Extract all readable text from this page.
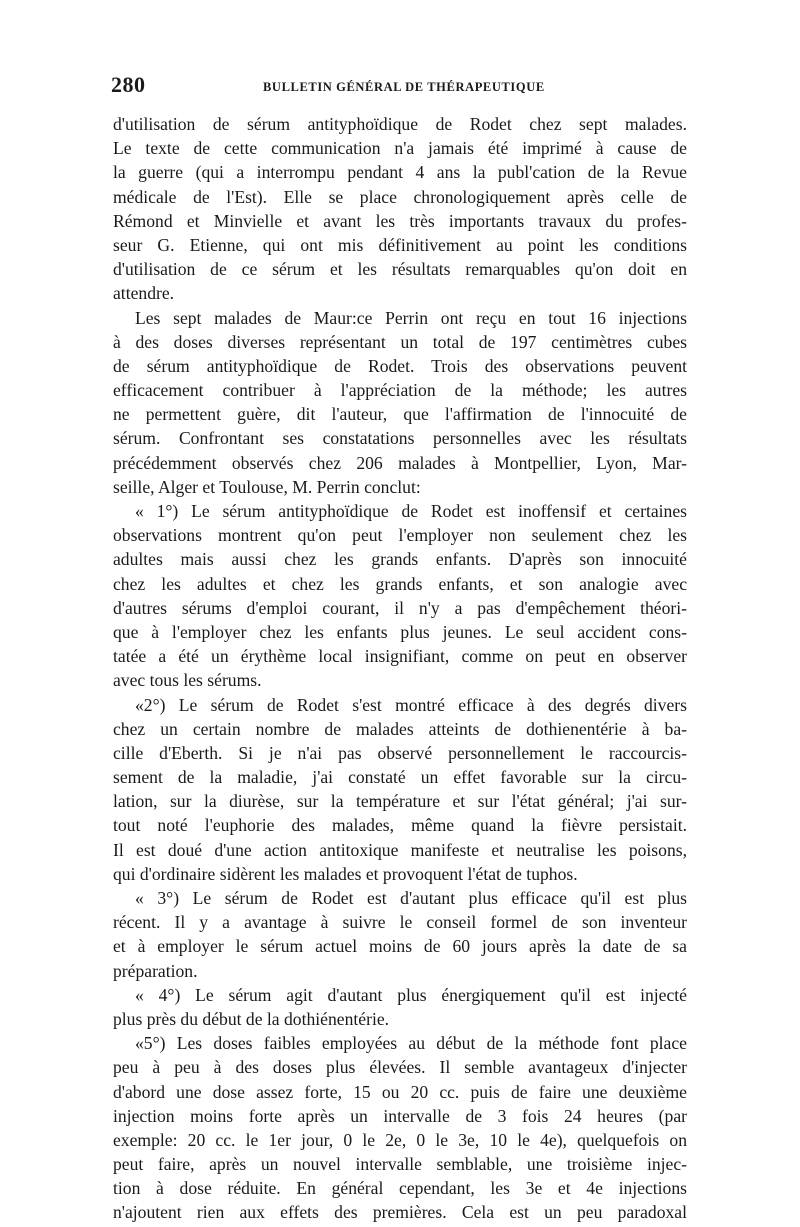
280	BULLETIN GÉNÉRAL DE THÉRAPEUTIQUE
d'utilisation de sérum antityphoïdique de Rodet chez sept malades.
Le texte de cette communication n'a jamais été imprimé à cause de
la guerre (qui a interrompu pendant 4 ans la publ'cation de la Revue
médicale de l'Est). Elle se place chronologiquement après celle de
Rémond et Minvielle et avant les très importants travaux du profes-
seur G. Etienne, qui ont mis définitivement au point les conditions
d'utilisation de ce sérum et les résultats remarquables qu'on doit en
attendre.
Les sept malades de Maur:ce Perrin ont reçu en tout 16 injections
à des doses diverses représentant un total de 197 centimètres cubes
de sérum antityphoïdique de Rodet. Trois des observations peuvent
efficacement contribuer à l'appréciation de la méthode; les autres
ne permettent guère, dit l'auteur, que l'affirmation de l'innocuité de
sérum. Confrontant ses constatations personnelles avec les résultats
précédemment observés chez 206 malades à Montpellier, Lyon, Mar-
seille, Alger et Toulouse, M. Perrin conclut:
« 1°) Le sérum antityphoïdique de Rodet est inoffensif et certaines
observations montrent qu'on peut l'employer non seulement chez les
adultes mais aussi chez les grands enfants. D'après son innocuité
chez les adultes et chez les grands enfants, et son analogie avec
d'autres sérums d'emploi courant, il n'y a pas d'empêchement théori-
que à l'employer chez les enfants plus jeunes. Le seul accident cons-
tatée a été un érythème local insignifiant, comme on peut en observer
avec tous les sérums.
«2°) Le sérum de Rodet s'est montré efficace à des degrés divers
chez un certain nombre de malades atteints de dothienentérie à ba-
cille d'Eberth. Si je n'ai pas observé personnellement le raccourcis-
sement de la maladie, j'ai constaté un effet favorable sur la circu-
lation, sur la diurèse, sur la température et sur l'état général; j'ai sur-
tout noté l'euphorie des malades, même quand la fièvre persistait.
Il est doué d'une action antitoxique manifeste et neutralise les poisons,
qui d'ordinaire sidèrent les malades et provoquent l'état de tuphos.
« 3°) Le sérum de Rodet est d'autant plus efficace qu'il est plus
récent. Il y a avantage à suivre le conseil formel de son inventeur
et à employer le sérum actuel moins de 60 jours après la date de sa
préparation.
« 4°) Le sérum agit d'autant plus énergiquement qu'il est injecté
plus près du début de la dothiénentérie.
«5°) Les doses faibles employées au début de la méthode font place
peu à peu à des doses plus élevées. Il semble avantageux d'injecter
d'abord une dose assez forte, 15 ou 20 cc. puis de faire une deuxième
injection moins forte après un intervalle de 3 fois 24 heures (par
exemple: 20 cc. le 1er jour, 0 le 2e, 0 le 3e, 10 le 4e), quelquefois on
peut faire, après un nouvel intervalle semblable, une troisième injec-
tion à dose réduite. En général cependant, les 3e et 4e injections
n'ajoutent rien aux effets des premières. Cela est un peu paradoxal
